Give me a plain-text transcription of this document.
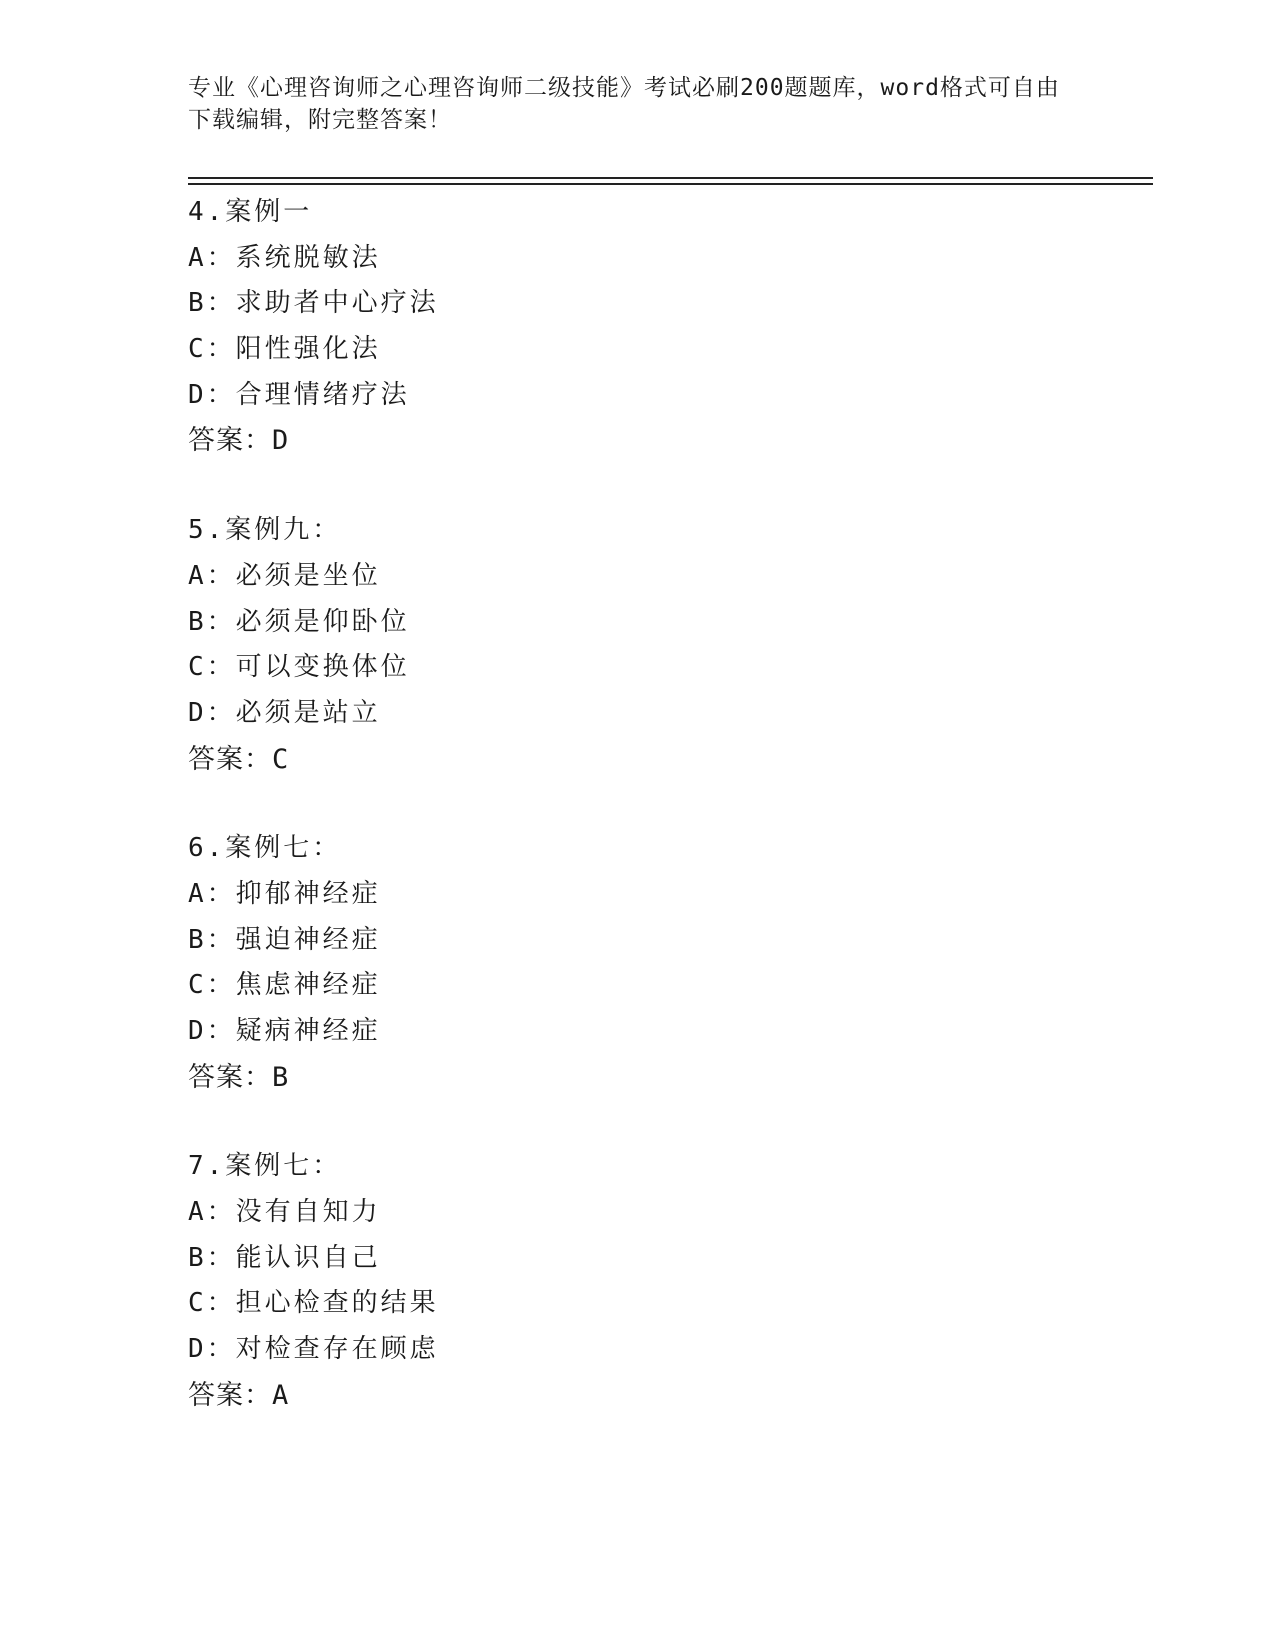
专业《心理咨询师之心理咨询师二级技能》考试必刷200题题库，word格式可自由下载编辑，附完整答案！

4.案例一
A：系统脱敏法
B：求助者中心疗法
C：阳性强化法
D：合理情绪疗法
答案：D
5.案例九：
A：必须是坐位
B：必须是仰卧位
C：可以变换体位
D：必须是站立
答案：C
6.案例七：
A：抑郁神经症
B：强迫神经症
C：焦虑神经症
D：疑病神经症
答案：B
7.案例七：
A：没有自知力
B：能认识自己
C：担心检查的结果
D：对检查存在顾虑
答案：A
